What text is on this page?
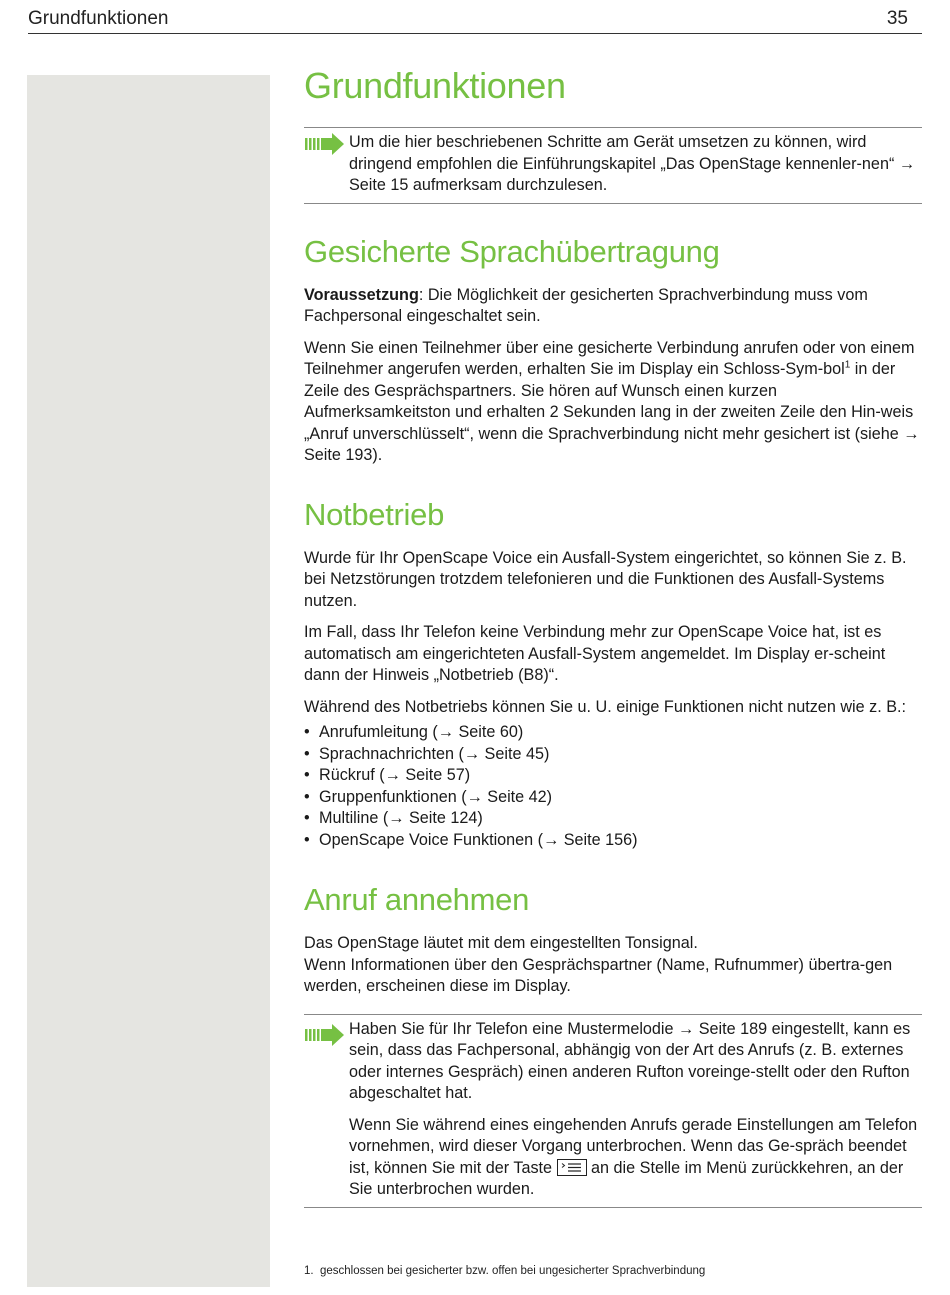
Grundfunktionen	35
Grundfunktionen

Um die hier beschriebenen Schritte am Gerät umsetzen zu können, wird dringend empfohlen die Einführungskapitel „Das OpenStage kennenler-nen“ → Seite 15 aufmerksam durchzulesen.

Gesicherte Sprachübertragung

Voraussetzung: Die Möglichkeit der gesicherten Sprachverbindung muss vom Fachpersonal eingeschaltet sein.

Wenn Sie einen Teilnehmer über eine gesicherte Verbindung anrufen oder von einem Teilnehmer angerufen werden, erhalten Sie im Display ein Schloss-Sym-bol$^1$ in der Zeile des Gesprächspartners. Sie hören auf Wunsch einen kurzen Aufmerksamkeitston und erhalten 2 Sekunden lang in der zweiten Zeile den Hin-weis „Anruf unverschlüsselt“, wenn die Sprachverbindung nicht mehr gesichert ist (siehe → Seite 193).

Notbetrieb

Wurde für Ihr OpenScape Voice ein Ausfall-System eingerichtet, so können Sie z. B. bei Netzstörungen trotzdem telefonieren und die Funktionen des Ausfall-Systems nutzen.

Im Fall, dass Ihr Telefon keine Verbindung mehr zur OpenScape Voice hat, ist es automatisch am eingerichteten Ausfall-System angemeldet. Im Display er-scheint dann der Hinweis „Notbetrieb (B8)“.

Während des Notbetriebs können Sie u. U. einige Funktionen nicht nutzen wie z. B.:

• Anrufumleitung (→ Seite 60)
• Sprachnachrichten (→ Seite 45)
• Rückruf (→ Seite 57)
• Gruppenfunktionen (→ Seite 42)
• Multiline (→ Seite 124)
• OpenScape Voice Funktionen (→ Seite 156)
Anruf annehmen

Das OpenStage läutet mit dem eingestellten Tonsignal.

Wenn Informationen über den Gesprächspartner (Name, Rufnummer) übertra-gen werden, erscheinen diese im Display.

Haben Sie für Ihr Telefon eine Mustermelodie → Seite 189 eingestellt, kann es sein, dass das Fachpersonal, abhängig von der Art des Anrufs (z. B. externes oder internes Gespräch) einen anderen Rufton voreinge-stellt oder den Rufton abgeschaltet hat.

Wenn Sie während eines eingehenden Anrufs gerade Einstellungen am Telefon vornehmen, wird dieser Vorgang unterbrochen. Wenn das Ge-spräch beendet ist, können Sie mit der Taste  an die Stelle im Menü zurückkehren, an der Sie unterbrochen wurden.

1. geschlossen bei gesicherter bzw. offen bei ungesicherter Sprachverbindung
